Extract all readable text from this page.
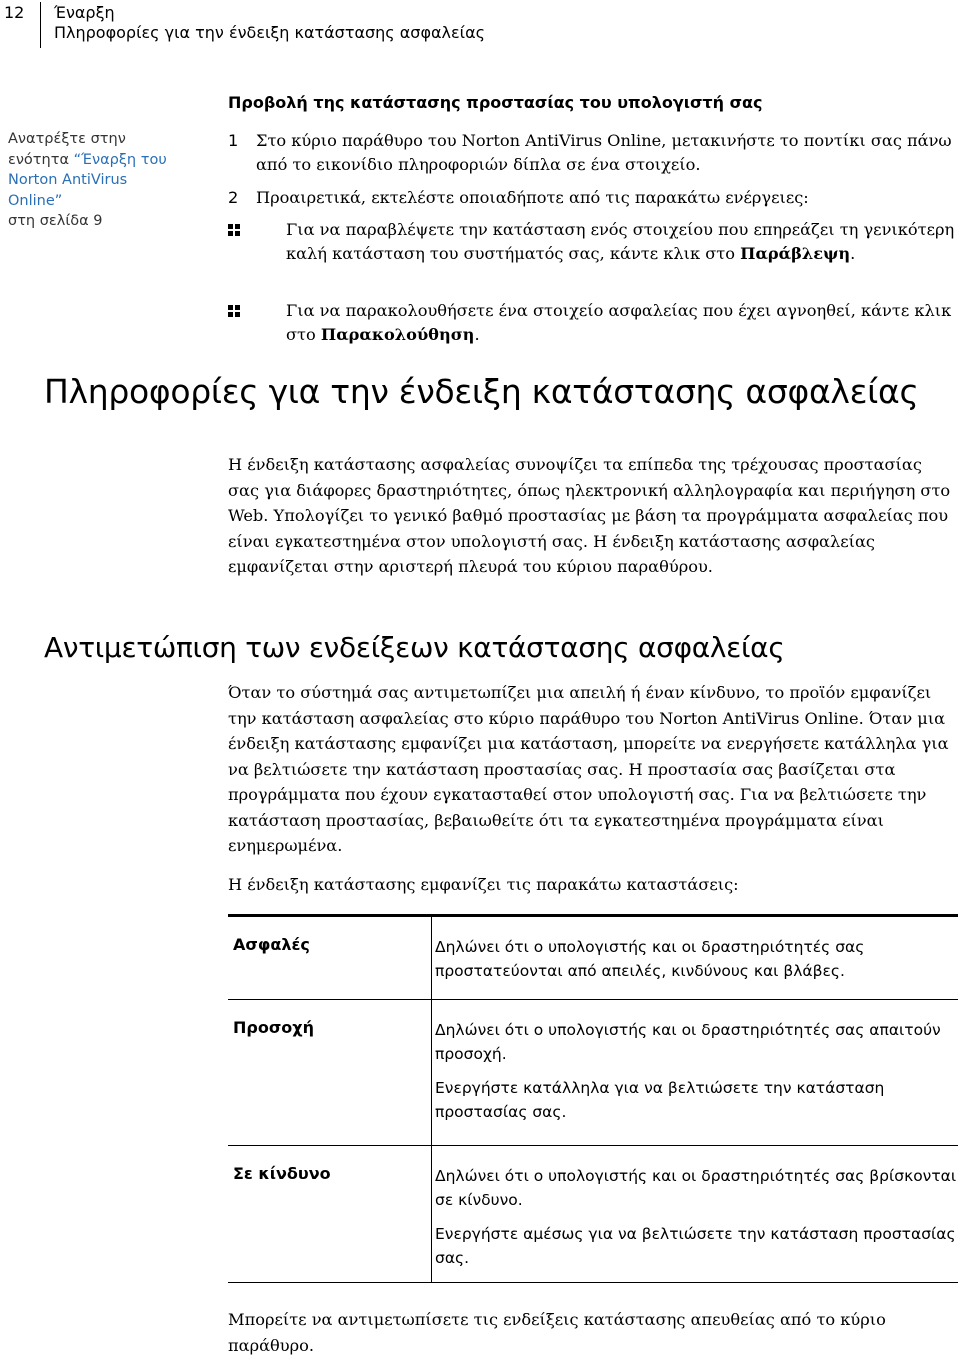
12 Έναρξη
Πληροφορίες για την ένδειξη κατάστασης ασφαλείας
Ανατρέξτε στην
ενότητα “Έναρξη του
Norton AntiVirus
Online”
στη σελίδα 9
Προβολή της κατάστασης προστασίας του υπολογιστή σας
1 Στο κύριο παράθυρο του Norton AntiVirus Online, μετακινήστε το ποντίκι σας πάνω από το εικονίδιο πληροφοριών δίπλα σε ένα στοιχείο.
2 Προαιρετικά, εκτελέστε οποιαδήποτε από τις παρακάτω ενέργειες:
Για να παραβλέψετε την κατάσταση ενός στοιχείου που επηρεάζει τη γενικότερη καλή κατάσταση του συστήματός σας, κάντε κλικ στο Παράβλεψη.
Για να παρακολουθήσετε ένα στοιχείο ασφαλείας που έχει αγνοηθεί, κάντε κλικ στο Παρακολούθηση.
Πληροφορίες για την ένδειξη κατάστασης ασφαλείας
Η ένδειξη κατάστασης ασφαλείας συνοψίζει τα επίπεδα της τρέχουσας προστασίας σας για διάφορες δραστηριότητες, όπως ηλεκτρονική αλληλογραφία και περιήγηση στο Web. Υπολογίζει το γενικό βαθμό προστασίας με βάση τα προγράμματα ασφαλείας που είναι εγκατεστημένα στον υπολογιστή σας. Η ένδειξη κατάστασης ασφαλείας εμφανίζεται στην αριστερή πλευρά του κύριου παραθύρου.
Αντιμετώπιση των ενδείξεων κατάστασης ασφαλείας
Όταν το σύστημά σας αντιμετωπίζει μια απειλή ή έναν κίνδυνο, το προϊόν εμφανίζει την κατάσταση ασφαλείας στο κύριο παράθυρο του Norton AntiVirus Online. Όταν μια ένδειξη κατάστασης εμφανίζει μια κατάσταση, μπορείτε να ενεργήσετε κατάλληλα για να βελτιώσετε την κατάσταση προστασίας σας. Η προστασία σας βασίζεται στα προγράμματα που έχουν εγκατασταθεί στον υπολογιστή σας. Για να βελτιώσετε την κατάσταση προστασίας, βεβαιωθείτε ότι τα εγκατεστημένα προγράμματα είναι ενημερωμένα.
Η ένδειξη κατάστασης εμφανίζει τις παρακάτω καταστάσεις:
Ασφαλές	Δηλώνει ότι ο υπολογιστής και οι δραστηριότητές σας προστατεύονται από απειλές, κινδύνους και βλάβες.

Προσοχή	Δηλώνει ότι ο υπολογιστής και οι δραστηριότητές σας απαιτούν προσοχή.

Ενεργήστε κατάλληλα για να βελτιώσετε την κατάσταση προστασίας σας.

Σε κίνδυνο	Δηλώνει ότι ο υπολογιστής και οι δραστηριότητές σας βρίσκονται σε κίνδυνο.

Ενεργήστε αμέσως για να βελτιώσετε την κατάσταση προστασίας σας.

Μπορείτε να αντιμετωπίσετε τις ενδείξεις κατάστασης απευθείας από το κύριο παράθυρο.
